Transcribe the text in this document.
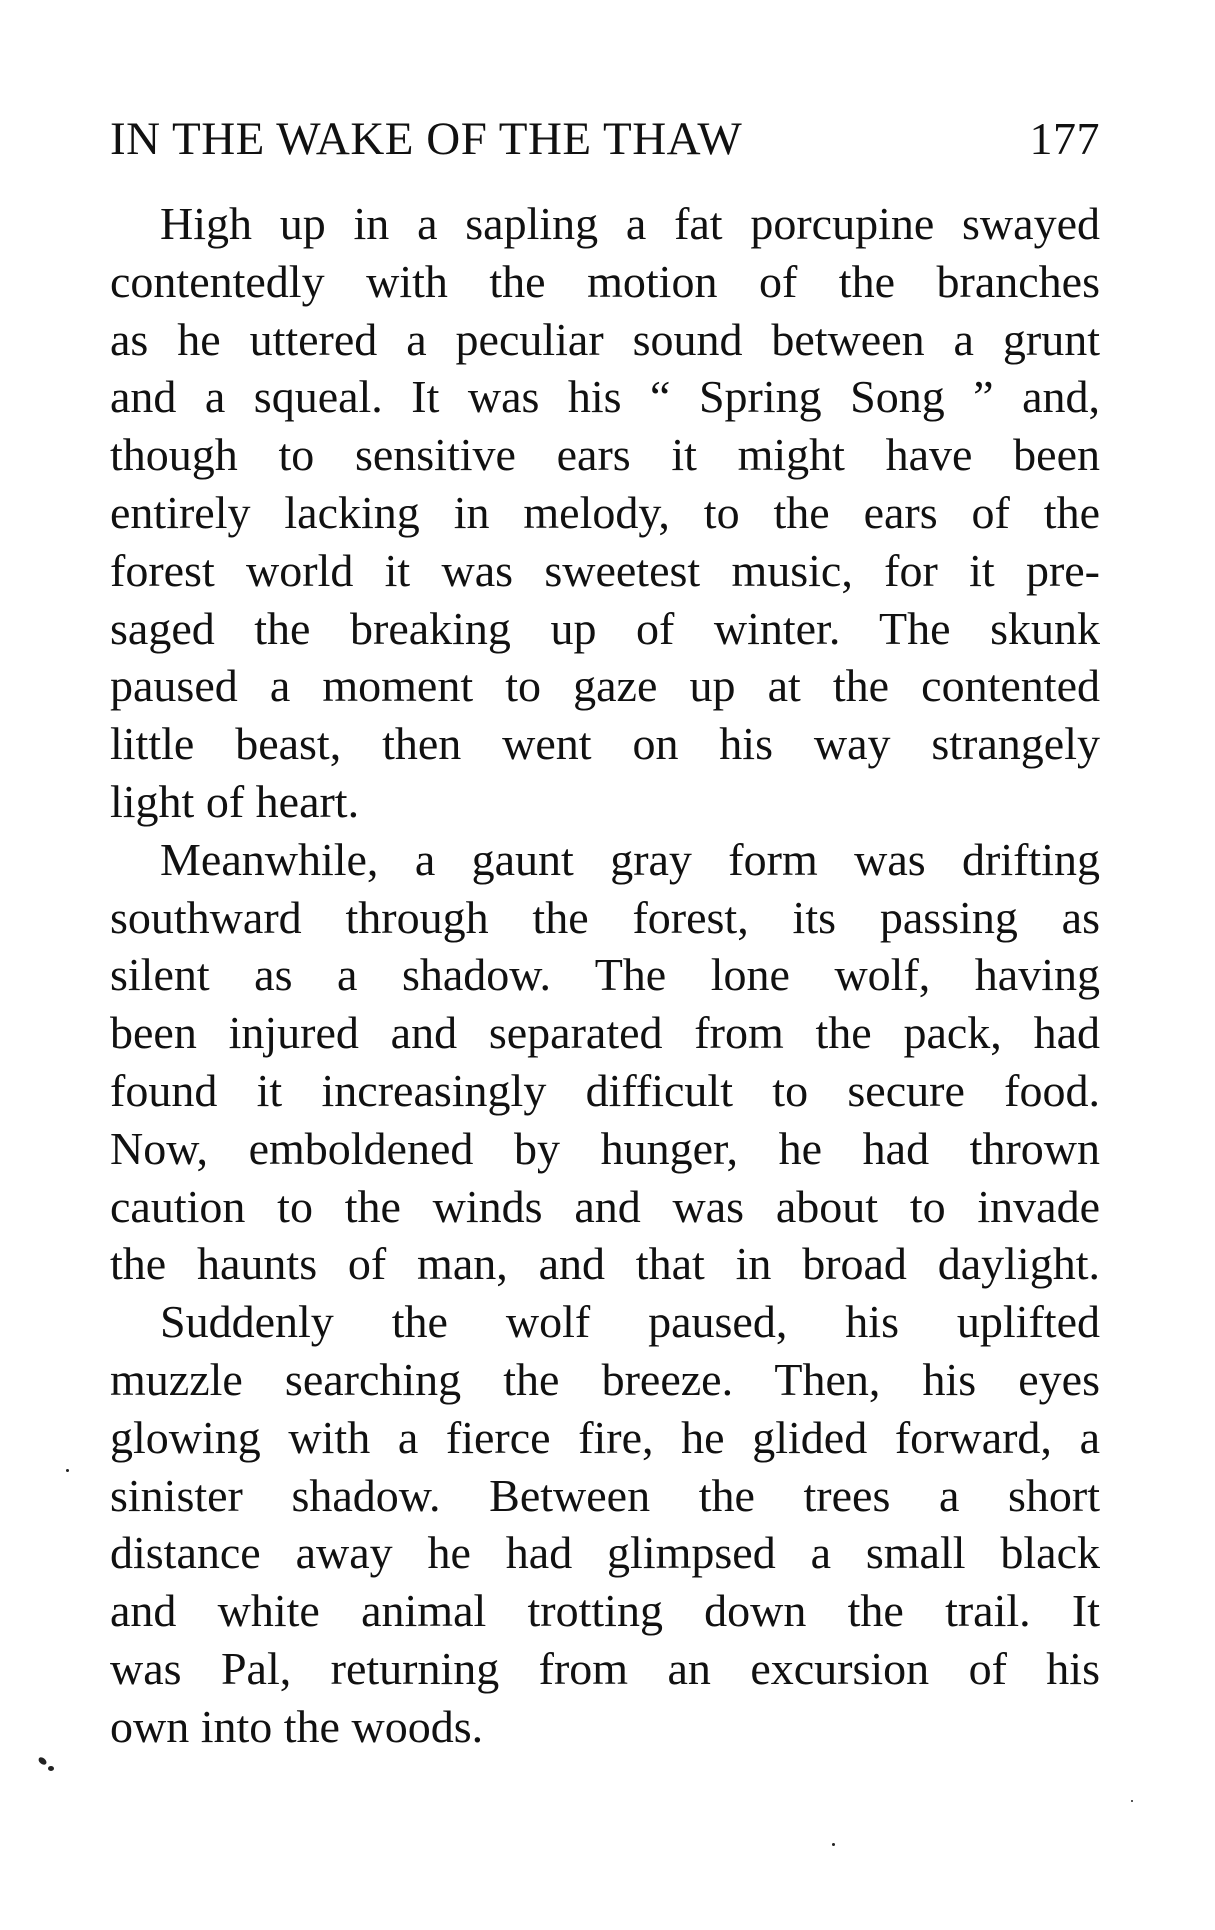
IN THE WAKE OF THE THAW	177
High up in a sapling a fat porcupine swayed
contentedly with the motion of the branches
as he uttered a peculiar sound between a grunt
and a squeal. It was his “ Spring Song ” and,
though to sensitive ears it might have been
entirely lacking in melody, to the ears of the
forest world it was sweetest music, for it pre-
saged the breaking up of winter. The skunk
paused a moment to gaze up at the contented
little beast, then went on his way strangely
light of heart.
Meanwhile, a gaunt gray form was drifting
southward through the forest, its passing as
silent as a shadow. The lone wolf, having
been injured and separated from the pack, had
found it increasingly difficult to secure food.
Now, emboldened by hunger, he had thrown
caution to the winds and was about to invade
the haunts of man, and that in broad daylight.
Suddenly the wolf paused, his uplifted
muzzle searching the breeze. Then, his eyes
glowing with a fierce fire, he glided forward, a
sinister shadow. Between the trees a short
distance away he had glimpsed a small black
and white animal trotting down the trail. It
was Pal, returning from an excursion of his
own into the woods.
